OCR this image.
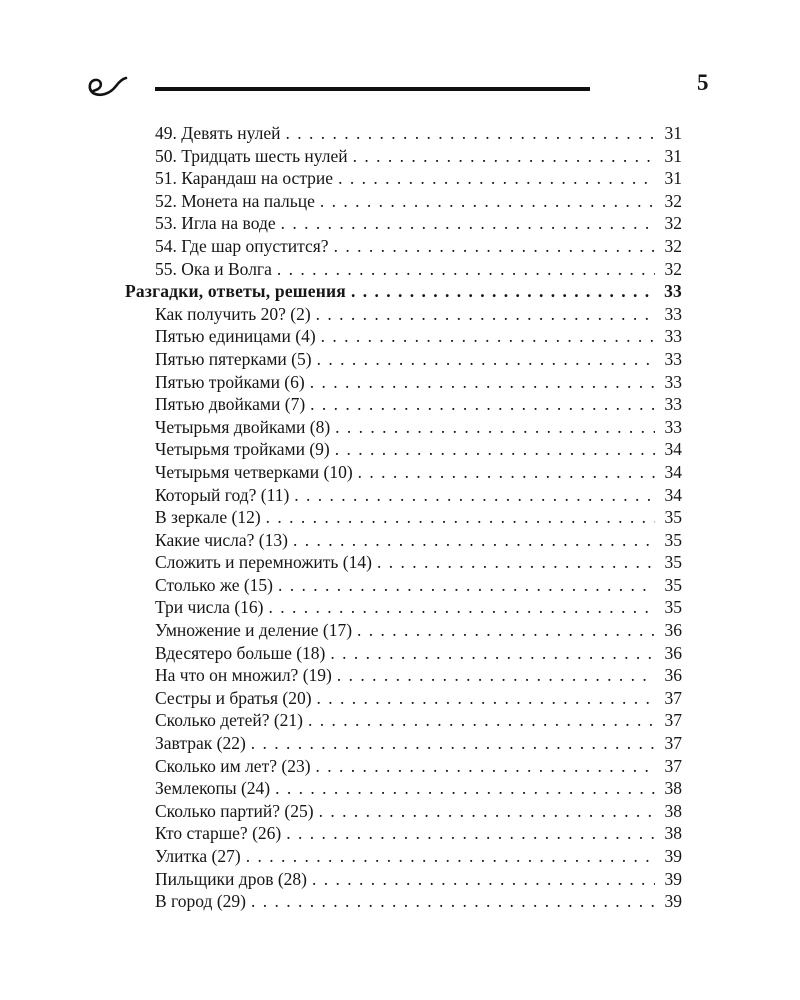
5
49. Девять нулей . . .	31
50. Тридцать шесть нулей . . .	31
51. Карандаш на острие . . .	31
52. Монета на пальце . . .	32
53. Игла на воде . . .	32
54. Где шар опустится? . . .	32
55. Ока и Волга . . .	32
Разгадки, ответы, решения . . .	33
Как получить 20? (2) . . .	33
Пятью единицами (4) . . .	33
Пятью пятерками (5) . . .	33
Пятью тройками (6) . . .	33
Пятью двойками (7) . . .	33
Четырьмя двойками (8) . . .	33
Четырьмя тройками (9) . . .	34
Четырьмя четверками (10) . . .	34
Который год? (11) . . .	34
В зеркале (12) . . .	35
Какие числа? (13) . . .	35
Сложить и перемножить (14) . . .	35
Столько же (15) . . .	35
Три числа (16) . . .	35
Умножение и деление (17) . . .	36
Вдесятеро больше (18) . . .	36
На что он множил? (19) . . .	36
Сестры и братья (20) . . .	37
Сколько детей? (21) . . .	37
Завтрак (22) . . .	37
Сколько им лет? (23) . . .	37
Землекопы (24) . . .	38
Сколько партий? (25) . . .	38
Кто старше? (26) . . .	38
Улитка (27) . . .	39
Пильщики дров (28) . . .	39
В город (29) . . .	39
